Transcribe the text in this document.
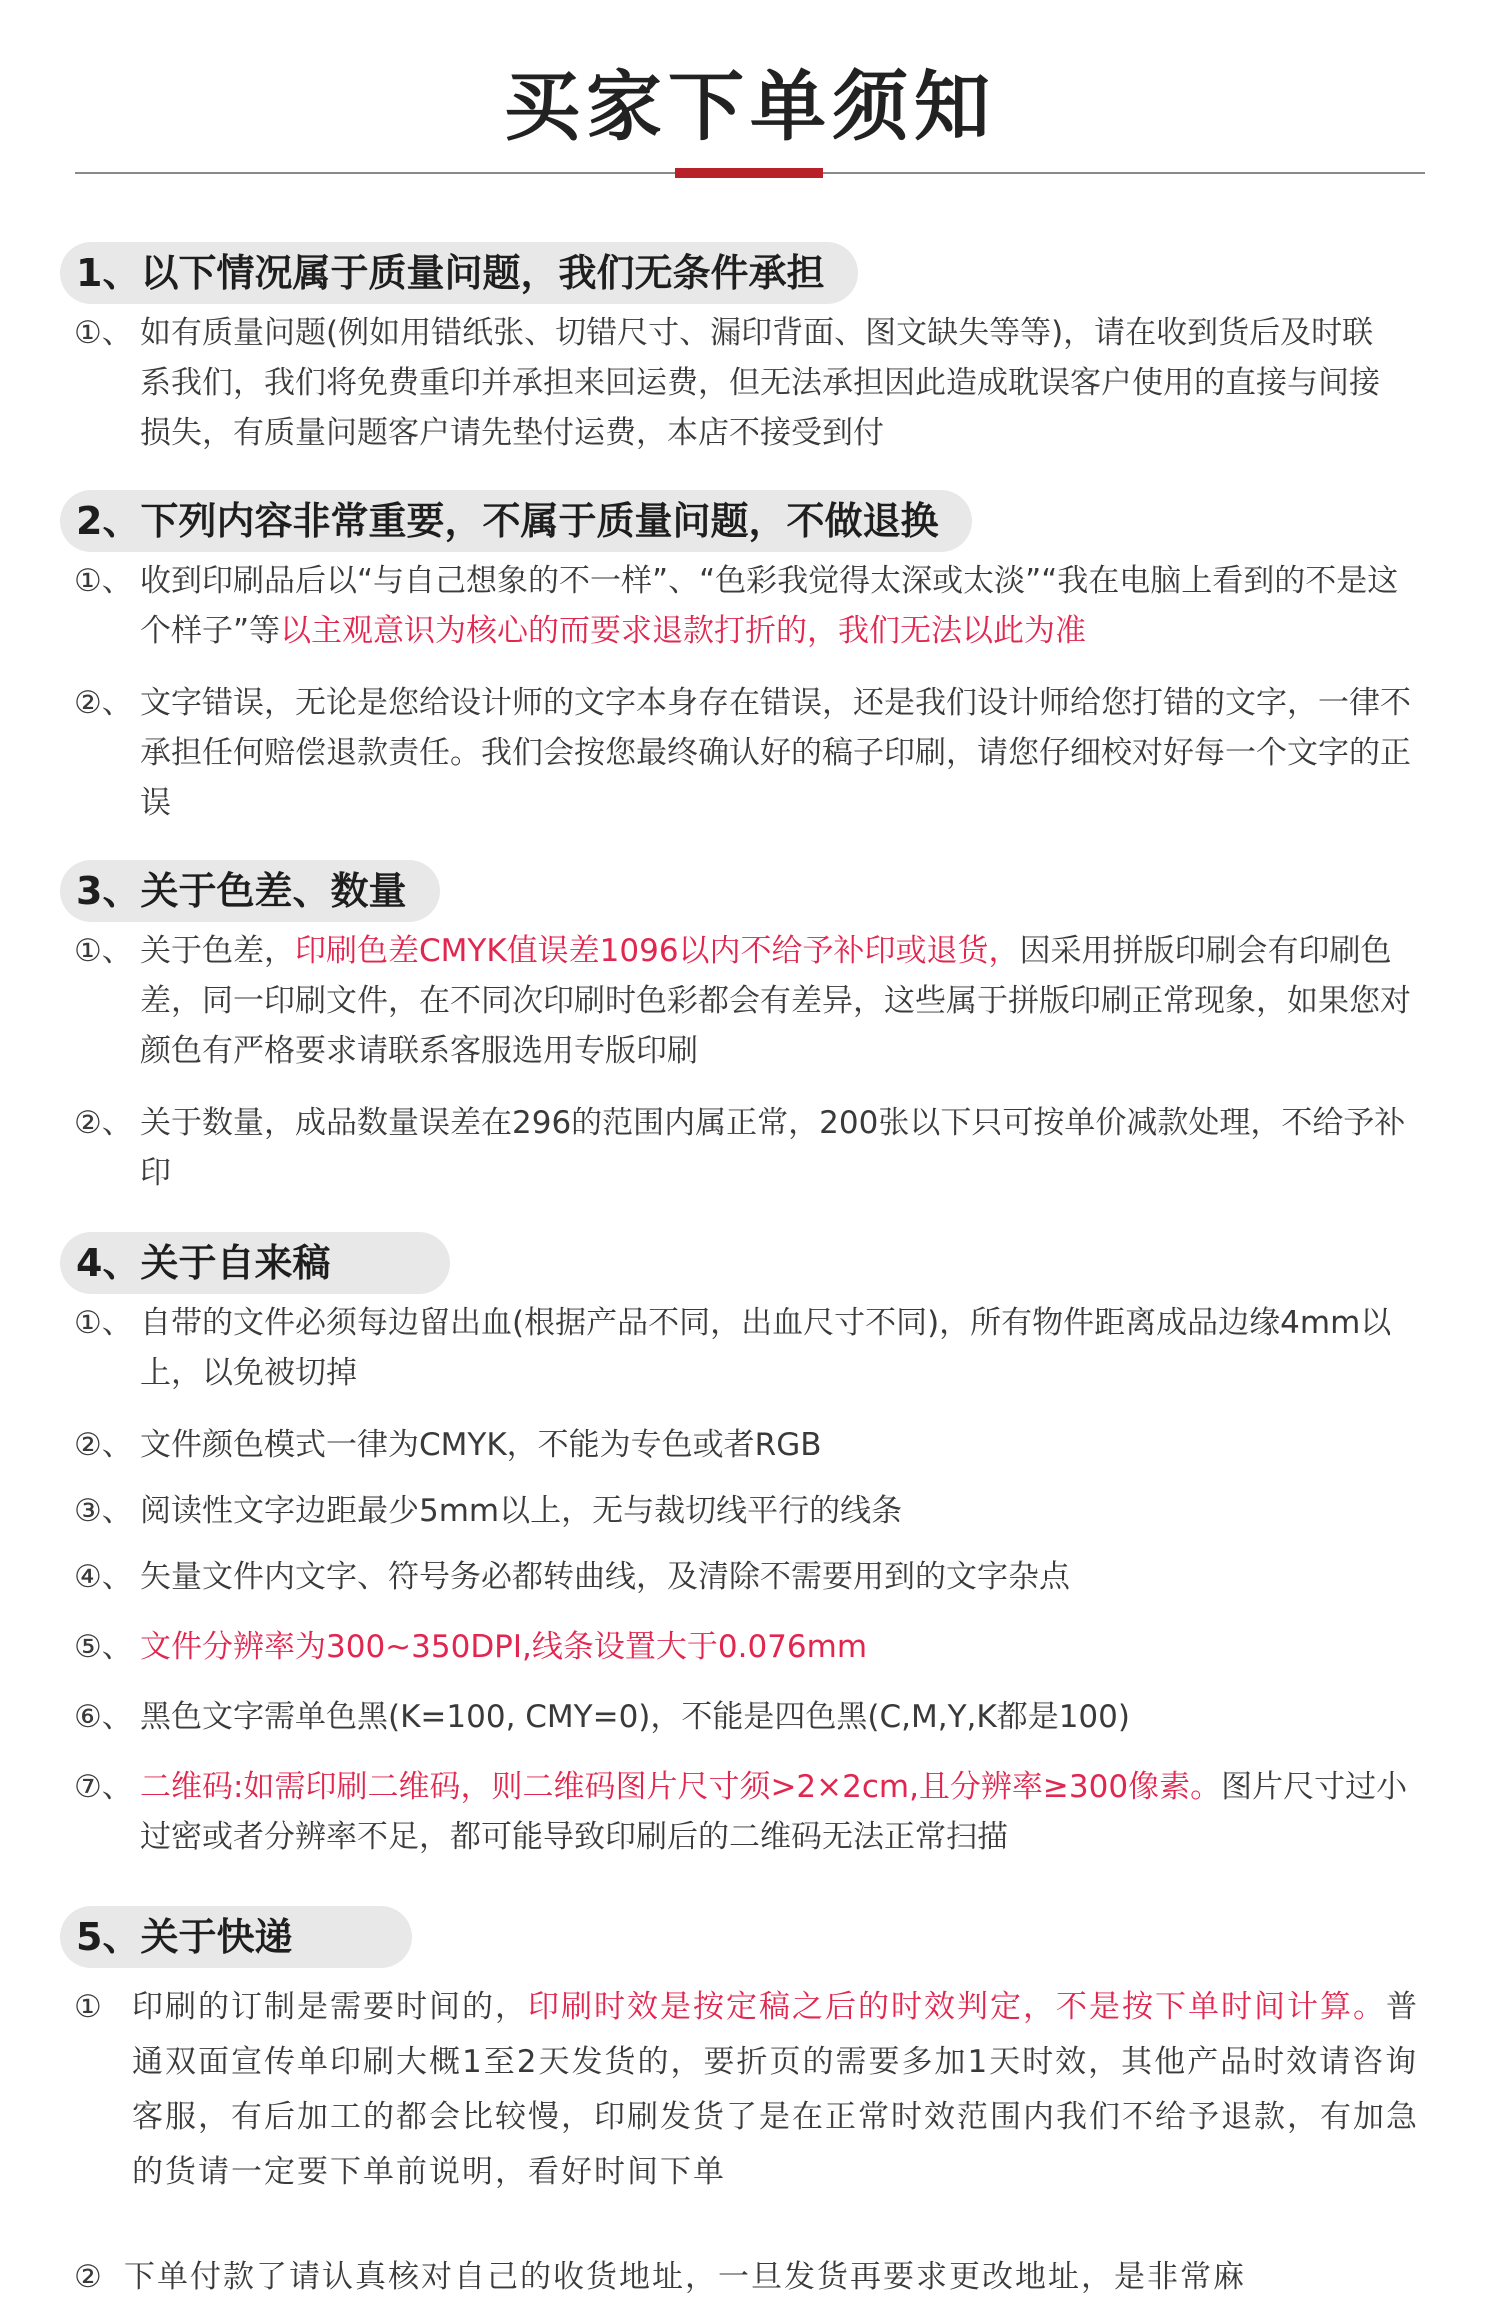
买家下单须知
1、以下情况属于质量问题，我们无条件承担
①、 如有质量问题(例如用错纸张、切错尺寸、漏印背面、图文缺失等等)，请在收到货后及时联系我们，我们将免费重印并承担来回运费，但无法承担因此造成耽误客户使用的直接与间接损失，有质量问题客户请先垫付运费，本店不接受到付
2、下列内容非常重要，不属于质量问题，不做退换
①、 收到印刷品后以“与自己想象的不一样”、“色彩我觉得太深或太淡”“我在电脑上看到的不是这个样子”等以主观意识为核心的而要求退款打折的，我们无法以此为准
②、 文字错误，无论是您给设计师的文字本身存在错误，还是我们设计师给您打错的文字，一律不承担任何赔偿退款责任。我们会按您最终确认好的稿子印刷，请您仔细校对好每一个文字的正误
3、关于色差、数量
①、 关于色差，印刷色差CMYK值误差1096以内不给予补印或退货，因采用拼版印刷会有印刷色差，同一印刷文件，在不同次印刷时色彩都会有差异，这些属于拼版印刷正常现象，如果您对颜色有严格要求请联系客服选用专版印刷
②、 关于数量，成品数量误差在296的范围内属正常，200张以下只可按单价减款处理，不给予补印
4、关于自来稿
①、 自带的文件必须每边留出血(根据产品不同，出血尺寸不同)，所有物件距离成品边缘4mm以上，以免被切掉
②、 文件颜色模式一律为CMYK，不能为专色或者RGB
③、 阅读性文字边距最少5mm以上，无与裁切线平行的线条
④、 矢量文件内文字、符号务必都转曲线，及清除不需要用到的文字杂点
⑤、 文件分辨率为300~350DPI,线条设置大于0.076mm
⑥、 黑色文字需单色黑(K=100, CMY=0)，不能是四色黑(C,M,Y,K都是100)
⑦、 二维码:如需印刷二维码，则二维码图片尺寸须>2×2cm,且分辨率≥300像素。图片尺寸过小过密或者分辨率不足，都可能导致印刷后的二维码无法正常扫描
5、关于快递
① 印刷的订制是需要时间的，印刷时效是按定稿之后的时效判定，不是按下单时间计算。普通双面宣传单印刷大概1至2天发货的，要折页的需要多加1天时效，其他产品时效请咨询客服，有后加工的都会比较慢，印刷发货了是在正常时效范围内我们不给予退款，有加急的货请一定要下单前说明，看好时间下单
② 下单付款了请认真核对自己的收货地址，一旦发货再要求更改地址，是非常麻
